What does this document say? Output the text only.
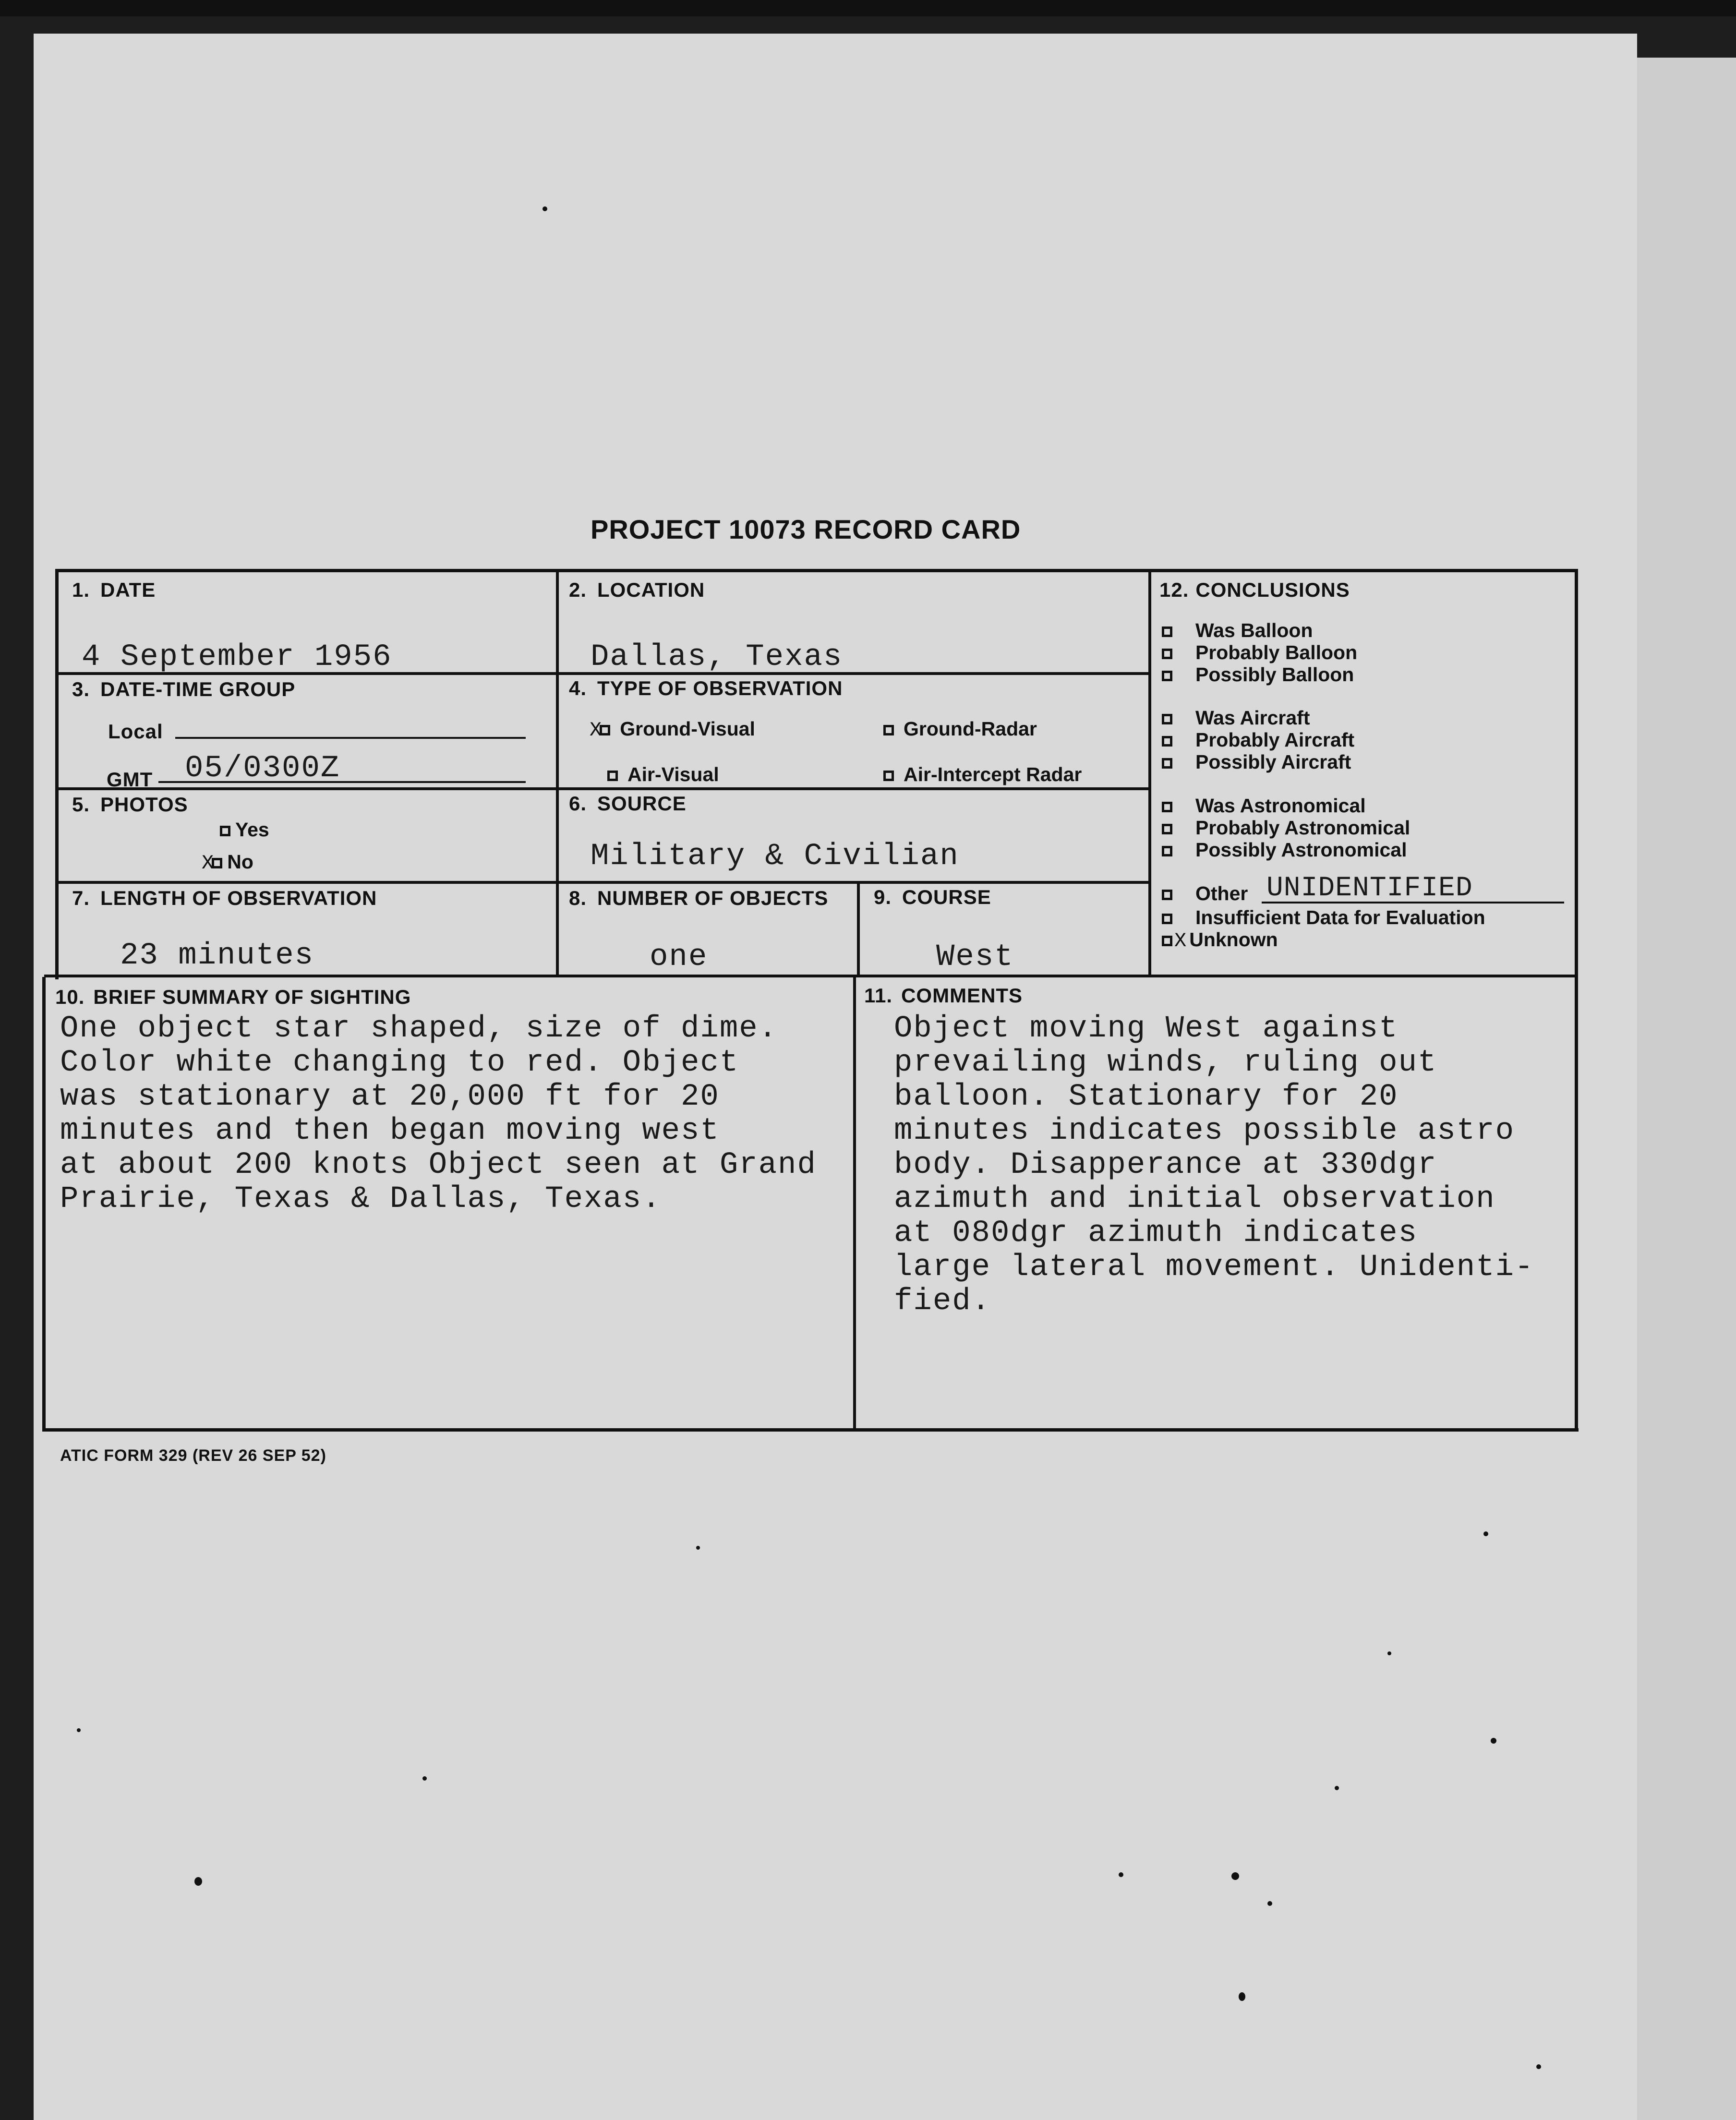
PROJECT 10073 RECORD CARD
1. DATE
4 September 1956
2. LOCATION
Dallas, Texas
3. DATE-TIME GROUP
Local
GMT 05/0300Z
4. TYPE OF OBSERVATION
X Ground-Visual	Ground-Radar
Air-Visual	Air-Intercept Radar
5. PHOTOS
Yes
X No
6. SOURCE
Military & Civilian
7. LENGTH OF OBSERVATION
23 minutes
8. NUMBER OF OBJECTS
one
9. COURSE
West
10. BRIEF SUMMARY OF SIGHTING
One object star shaped, size of dime.
Color white changing to red. Object
was stationary at 20,000 ft for 20
minutes and then began moving west
at about 200 knots Object seen at Grand
Prairie, Texas & Dallas, Texas.
11. COMMENTS
Object moving West against
prevailing winds, ruling out
balloon. Stationary for 20
minutes indicates possible astro
body. Disapperance at 330dgr
azimuth and initial observation
at 080dgr azimuth indicates
large lateral movement. Unidenti-
fied.
12. CONCLUSIONS
Was Balloon
Probably Balloon
Possibly Balloon
Was Aircraft
Probably Aircraft
Possibly Aircraft
Was Astronomical
Probably Astronomical
Possibly Astronomical
Other UNIDENTIFIED
Insufficient Data for Evaluation
X Unknown
ATIC FORM 329 (REV 26 SEP 52)
